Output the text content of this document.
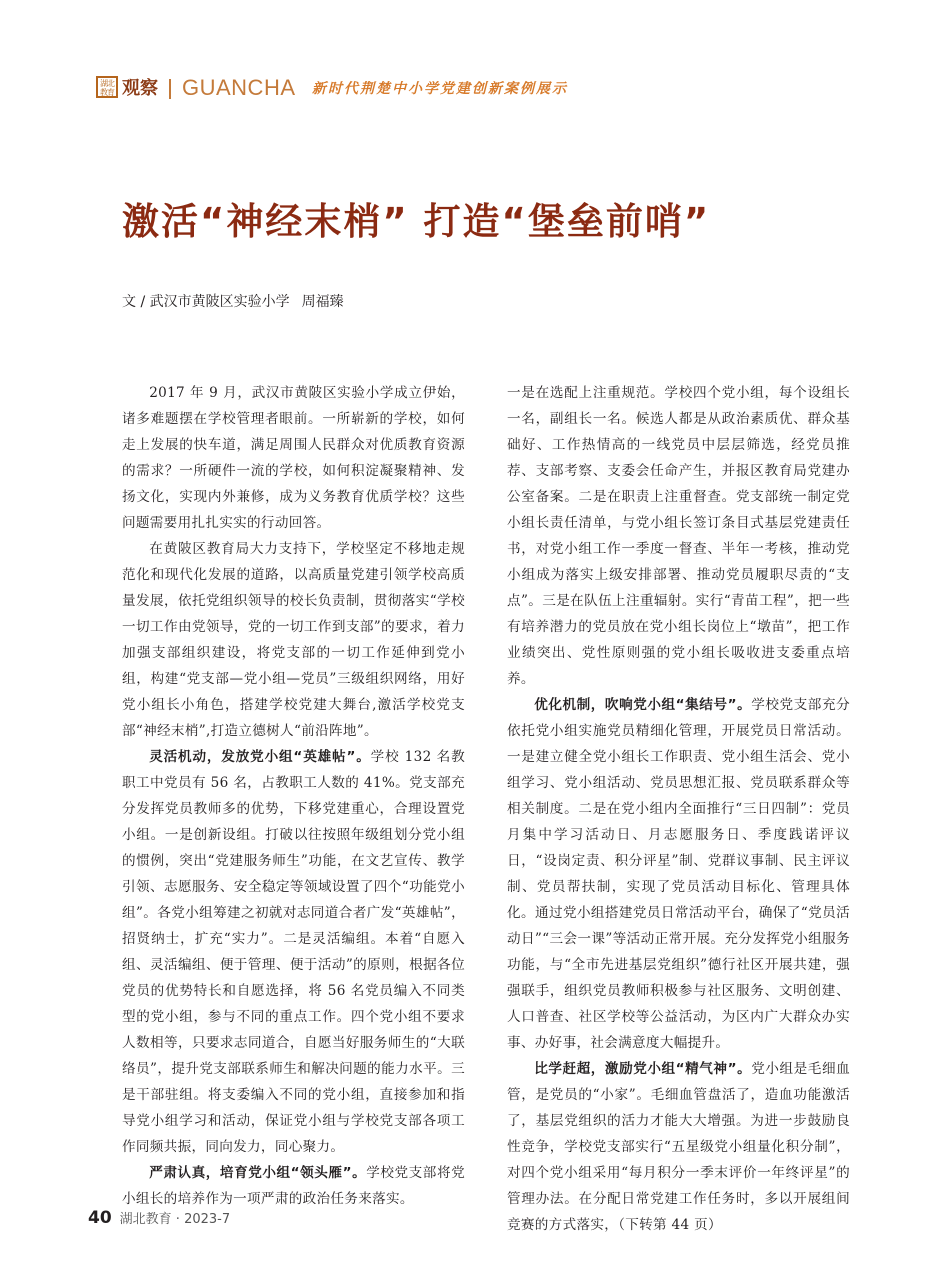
湖北教育 观察 GUANCHA 新时代荆楚中小学党建创新案例展示
激活“神经末梢” 打造“堡垒前哨”
文 / 武汉市黄陂区实验小学 周福臻

2017 年 9 月，武汉市黄陂区实验小学成立伊始，诸多难题摆在学校管理者眼前。一所崭新的学校，如何走上发展的快车道，满足周围人民群众对优质教育资源的需求？一所硬件一流的学校，如何积淀凝聚精神、发扬文化，实现内外兼修，成为义务教育优质学校？这些问题需要用扎扎实实的行动回答。

在黄陂区教育局大力支持下，学校坚定不移地走规范化和现代化发展的道路，以高质量党建引领学校高质量发展，依托党组织领导的校长负责制，贯彻落实“学校一切工作由党领导，党的一切工作到支部”的要求，着力加强支部组织建设，将党支部的一切工作延伸到党小组，构建“党支部—党小组—党员”三级组织网络，用好党小组长小角色，搭建学校党建大舞台,激活学校党支部“神经末梢”,打造立德树人“前沿阵地”。

灵活机动，发放党小组“英雄帖”。学校 132 名教职工中党员有 56 名，占教职工人数的 41%。党支部充分发挥党员教师多的优势，下移党建重心，合理设置党小组。一是创新设组。打破以往按照年级组划分党小组的惯例，突出“党建服务师生”功能，在文艺宣传、教学引领、志愿服务、安全稳定等领域设置了四个“功能党小组”。各党小组筹建之初就对志同道合者广发“英雄帖”，招贤纳士，扩充“实力”。二是灵活编组。本着“自愿入组、灵活编组、便于管理、便于活动”的原则，根据各位党员的优势特长和自愿选择，将 56 名党员编入不同类型的党小组，参与不同的重点工作。四个党小组不要求人数相等，只要求志同道合，自愿当好服务师生的“大联络员”，提升党支部联系师生和解决问题的能力水平。三是干部驻组。将支委编入不同的党小组，直接参加和指导党小组学习和活动，保证党小组与学校党支部各项工作同频共振，同向发力，同心聚力。

严肃认真，培育党小组“领头雁”。学校党支部将党小组长的培养作为一项严肃的政治任务来落实。

一是在选配上注重规范。学校四个党小组，每个设组长一名，副组长一名。候选人都是从政治素质优、群众基础好、工作热情高的一线党员中层层筛选，经党员推荐、支部考察、支委会任命产生，并报区教育局党建办公室备案。二是在职责上注重督查。党支部统一制定党小组长责任清单，与党小组长签订条目式基层党建责任书，对党小组工作一季度一督查、半年一考核，推动党小组成为落实上级安排部署、推动党员履职尽责的“支点”。三是在队伍上注重辐射。实行“青苗工程”，把一些有培养潜力的党员放在党小组长岗位上“墩苗”，把工作业绩突出、党性原则强的党小组长吸收进支委重点培养。

优化机制，吹响党小组“集结号”。学校党支部充分依托党小组实施党员精细化管理，开展党员日常活动。一是建立健全党小组长工作职责、党小组生活会、党小组学习、党小组活动、党员思想汇报、党员联系群众等相关制度。二是在党小组内全面推行“三日四制”：党员月集中学习活动日、月志愿服务日、季度践诺评议日，“设岗定责、积分评星”制、党群议事制、民主评议制、党员帮扶制，实现了党员活动目标化、管理具体化。通过党小组搭建党员日常活动平台，确保了“党员活动日”“三会一课”等活动正常开展。充分发挥党小组服务功能，与“全市先进基层党组织”德行社区开展共建，强强联手，组织党员教师积极参与社区服务、文明创建、人口普查、社区学校等公益活动，为区内广大群众办实事、办好事，社会满意度大幅提升。

比学赶超，激励党小组“精气神”。党小组是毛细血管，是党员的“小家”。毛细血管盘活了，造血功能激活了，基层党组织的活力才能大大增强。为进一步鼓励良性竞争，学校党支部实行“五星级党小组量化积分制”，对四个党小组采用“每月积分一季末评价一年终评星”的管理办法。在分配日常党建工作任务时，多以开展组间竞赛的方式落实，（下转第 44 页）

40 湖北教育 · 2023-7
